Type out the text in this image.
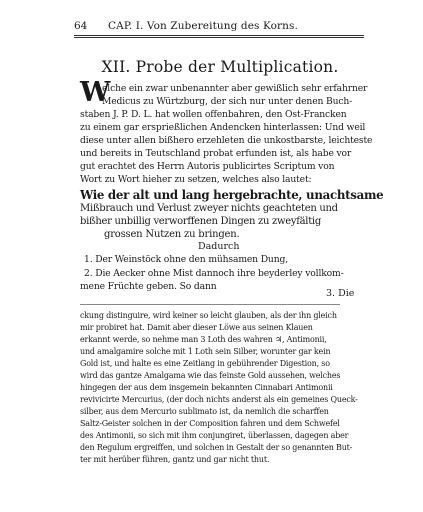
64 CAP. I. Von Zubereitung des Korns.
XII. Probe der Multiplication.
W
elche ein zwar unbenannter aber gewißlich sehr erfahrner
Medicus zu Würtzburg, der sich nur unter denen Buch-
staben J. P. D. L. hat wollen offenbahren, den Ost-Francken
zu einem gar ersprießlichen Andencken hinterlassen: Und weil
diese unter allen bißhero erzehleten die unkostbarste, leichteste
und bereits in Teutschland probat erfunden ist, als habe vor
gut erachtet des Herrn Autoris publicirtes Scriptum von
Wort zu Wort hieher zu setzen, welches also lautet:
Wie der alt und lang hergebrachte, unachtsame
Mißbrauch und Verlust zweyer nichts geachteten und
bißher unbillig verworffenen Dingen zu zweyfältig
grossen Nutzen zu bringen.
Dadurch
1. Der Weinstöck ohne den mühsamen Dung,
2. Die Aecker ohne Mist dannoch ihre beyderley vollkom-
mene Früchte geben. So dann
3. Die
ckung distinguire, wird keiner so leicht glauben, als der ihn gleich
mir probiret hat. Damit aber dieser Löwe aus seinen Klauen
erkannt werde, so nehme man 3 Loth des wahren ♃, Antimonii,
und amalgamire solche mit 1 Loth sein Silber, worunter gar kein
Gold ist, und halte es eine Zeitlang in gebührender Digestion, so
wird das gantze Amalgama wie das feinste Gold aussehen, welches
hingegen der aus dem insgemein bekannten Cinnabari Antimonii
revivicirte Mercurius, (der doch nichts anderst als ein gemeines Queck-
silber, aus dem Mercurio sublimato ist, da nemlich die scharffen
Saltz-Geister solchen in der Composition fahren und dem Schwefel
des Antimonii, so sich mit ihm conjungiret, überlassen, dagegen aber
den Regulum ergreiffen, und solchen in Gestalt der so genannten But-
ter mit herüber führen, gantz und gar nicht thut.
